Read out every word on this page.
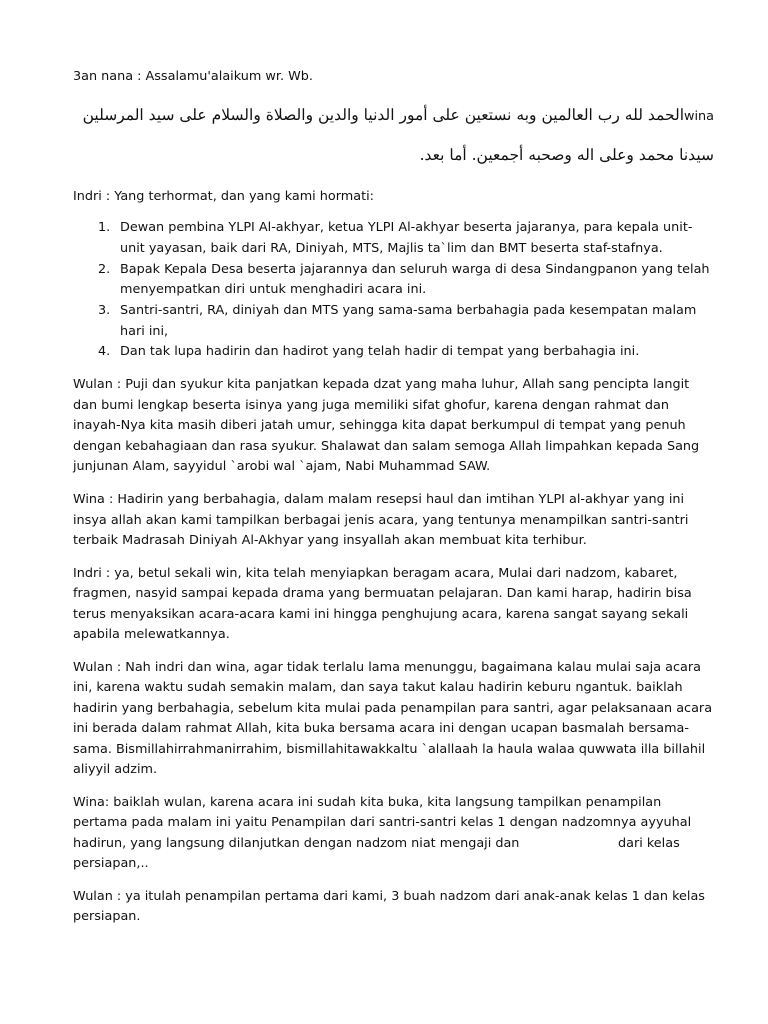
3an nana : Assalamu'alaikum wr. Wb.
winaالحمد لله رب العالمين وبه نستعين على أمور الدنيا والدين والصلاة والسلام على سيد المرسلين
سيدنا محمد وعلى اله وصحبه أجمعين. أما بعد.
Indri : Yang terhormat, dan yang kami hormati:
1. Dewan pembina YLPI Al-akhyar, ketua YLPI Al-akhyar beserta jajaranya, para kepala unit-
unit yayasan, baik dari RA, Diniyah, MTS, Majlis ta`lim dan BMT beserta staf-stafnya.
2. Bapak Kepala Desa beserta jajarannya dan seluruh warga di desa Sindangpanon yang telah
menyempatkan diri untuk menghadiri acara ini.
3. Santri-santri, RA, diniyah dan MTS yang sama-sama berbahagia pada kesempatan malam
hari ini,
4. Dan tak lupa hadirin dan hadirot yang telah hadir di tempat yang berbahagia ini.
Wulan : Puji dan syukur kita panjatkan kepada dzat yang maha luhur, Allah sang pencipta langit
dan bumi lengkap beserta isinya yang juga memiliki sifat ghofur, karena dengan rahmat dan
inayah-Nya kita masih diberi jatah umur, sehingga kita dapat berkumpul di tempat yang penuh
dengan kebahagiaan dan rasa syukur. Shalawat dan salam semoga Allah limpahkan kepada Sang
junjunan Alam, sayyidul `arobi wal `ajam, Nabi Muhammad SAW.
Wina : Hadirin yang berbahagia, dalam malam resepsi haul dan imtihan YLPI al-akhyar yang ini
insya allah akan kami tampilkan berbagai jenis acara, yang tentunya menampilkan santri-santri
terbaik Madrasah Diniyah Al-Akhyar yang insyallah akan membuat kita terhibur.
Indri : ya, betul sekali win, kita telah menyiapkan beragam acara, Mulai dari nadzom, kabaret,
fragmen, nasyid sampai kepada drama yang bermuatan pelajaran. Dan kami harap, hadirin bisa
terus menyaksikan acara-acara kami ini hingga penghujung acara, karena sangat sayang sekali
apabila melewatkannya.
Wulan : Nah indri dan wina, agar tidak terlalu lama menunggu, bagaimana kalau mulai saja acara
ini, karena waktu sudah semakin malam, dan saya takut kalau hadirin keburu ngantuk. baiklah
hadirin yang berbahagia, sebelum kita mulai pada penampilan para santri, agar pelaksanaan acara
ini berada dalam rahmat Allah, kita buka bersama acara ini dengan ucapan basmalah bersama-
sama. Bismillahirrahmanirrahim, bismillahitawakkaltu `alallaah la haula walaa quwwata illa billahil
aliyyil adzim.
Wina: baiklah wulan, karena acara ini sudah kita buka, kita langsung tampilkan penampilan
pertama pada malam ini yaitu Penampilan dari santri-santri kelas 1 dengan nadzomnya ayyuhal
hadirun, yang langsung dilanjutkan dengan nadzom niat mengaji dan	dari kelas
persiapan,..
Wulan : ya itulah penampilan pertama dari kami, 3 buah nadzom dari anak-anak kelas 1 dan kelas
persiapan.
